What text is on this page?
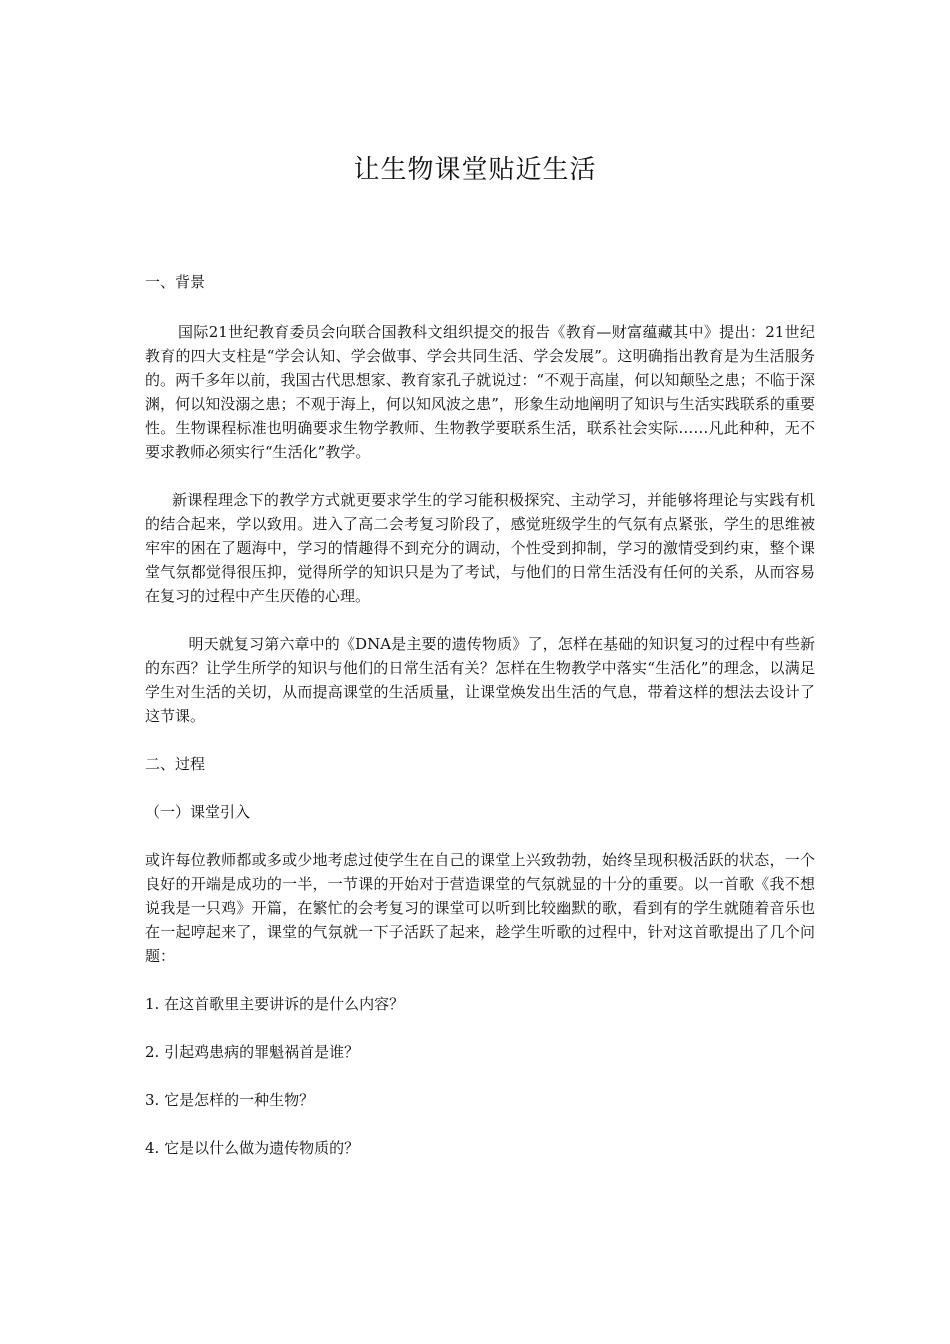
让生物课堂贴近生活

一、背景

国际21世纪教育委员会向联合国教科文组织提交的报告《教育—财富蕴藏其中》提出：21世纪教育的四大支柱是“学会认知、学会做事、学会共同生活、学会发展”。这明确指出教育是为生活服务的。两千多年以前，我国古代思想家、教育家孔子就说过：“不观于高崖，何以知颠坠之患；不临于深渊，何以知没溺之患；不观于海上，何以知风波之患”，形象生动地阐明了知识与生活实践联系的重要性。生物课程标准也明确要求生物学教师、生物教学要联系生活，联系社会实际……凡此种种，无不要求教师必须实行“生活化”教学。

新课程理念下的教学方式就更要求学生的学习能积极探究、主动学习，并能够将理论与实践有机的结合起来，学以致用。进入了高二会考复习阶段了，感觉班级学生的气氛有点紧张，学生的思维被牢牢的困在了题海中，学习的情趣得不到充分的调动，个性受到抑制，学习的激情受到约束，整个课堂气氛都觉得很压抑，觉得所学的知识只是为了考试，与他们的日常生活没有任何的关系，从而容易在复习的过程中产生厌倦的心理。

明天就复习第六章中的《DNA是主要的遗传物质》了，怎样在基础的知识复习的过程中有些新的东西？让学生所学的知识与他们的日常生活有关？怎样在生物教学中落实“生活化”的理念，以满足学生对生活的关切，从而提高课堂的生活质量，让课堂焕发出生活的气息，带着这样的想法去设计了这节课。

二、过程

（一）课堂引入

或许每位教师都或多或少地考虑过使学生在自己的课堂上兴致勃勃，始终呈现积极活跃的状态，一个良好的开端是成功的一半，一节课的开始对于营造课堂的气氛就显的十分的重要。以一首歌《我不想说我是一只鸡》开篇，在繁忙的会考复习的课堂可以听到比较幽默的歌，看到有的学生就随着音乐也在一起哼起来了，课堂的气氛就一下子活跃了起来，趁学生听歌的过程中，针对这首歌提出了几个问题：

1. 在这首歌里主要讲诉的是什么内容？

2. 引起鸡患病的罪魁祸首是谁？

3. 它是怎样的一种生物？

4. 它是以什么做为遗传物质的？
